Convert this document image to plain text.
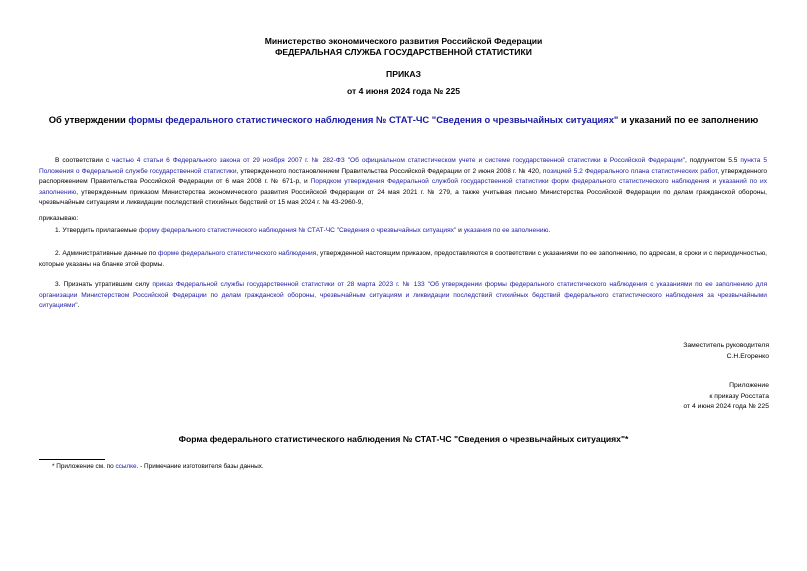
Министерство экономического развития Российской Федерации
ФЕДЕРАЛЬНАЯ СЛУЖБА ГОСУДАРСТВЕННОЙ СТАТИСТИКИ
ПРИКАЗ
от 4 июня 2024 года № 225
Об утверждении формы федерального статистического наблюдения № СТАТ-ЧС "Сведения о чрезвычайных ситуациях" и указаний по ее заполнению
В соответствии с частью 4 статьи 6 Федерального закона от 29 ноября 2007 г. № 282-ФЗ "Об официальном статистическом учете и системе государственной статистики в Российской Федерации", подпунктом 5.5 пункта 5 Положения о Федеральной службе государственной статистики, утвержденного постановлением Правительства Российской Федерации от 2 июня 2008 г. № 420, позицией 5.2 Федерального плана статистических работ, утвержденного распоряжением Правительства Российской Федерации от 6 мая 2008 г. № 671-р, и Порядком утверждения Федеральной службой государственной статистики форм федерального статистического наблюдения и указаний по их заполнению, утвержденным приказом Министерства экономического развития Российской Федерации от 24 мая 2021 г. № 279, а также учитывая письмо Министерства Российской Федерации по делам гражданской обороны, чрезвычайным ситуациям и ликвидации последствий стихийных бедствий от 15 мая 2024 г. № 43-2960-9,
приказываю:
1. Утвердить прилагаемые форму федерального статистического наблюдения № СТАТ-ЧС "Сведения о чрезвычайных ситуациях" и указания по ее заполнению.
2. Административные данные по форме федерального статистического наблюдения, утвержденной настоящим приказом, предоставляются в соответствии с указаниями по ее заполнению, по адресам, в сроки и с периодичностью, которые указаны на бланке этой формы.
3. Признать утратившим силу приказ Федеральной службы государственной статистики от 28 марта 2023 г. № 133 "Об утверждении формы федерального статистического наблюдения с указаниями по ее заполнению для организации Министерством Российской Федерации по делам гражданской обороны, чрезвычайным ситуациям и ликвидации последствий стихийных бедствий федерального статистического наблюдения за чрезвычайными ситуациями".
Заместитель руководителя
С.Н.Егоренко
Приложение
к приказу Росстата
от 4 июня 2024 года № 225
Форма федерального статистического наблюдения № СТАТ-ЧС "Сведения о чрезвычайных ситуациях"*
* Приложение см. по ссылке. - Примечание изготовителя базы данных.
